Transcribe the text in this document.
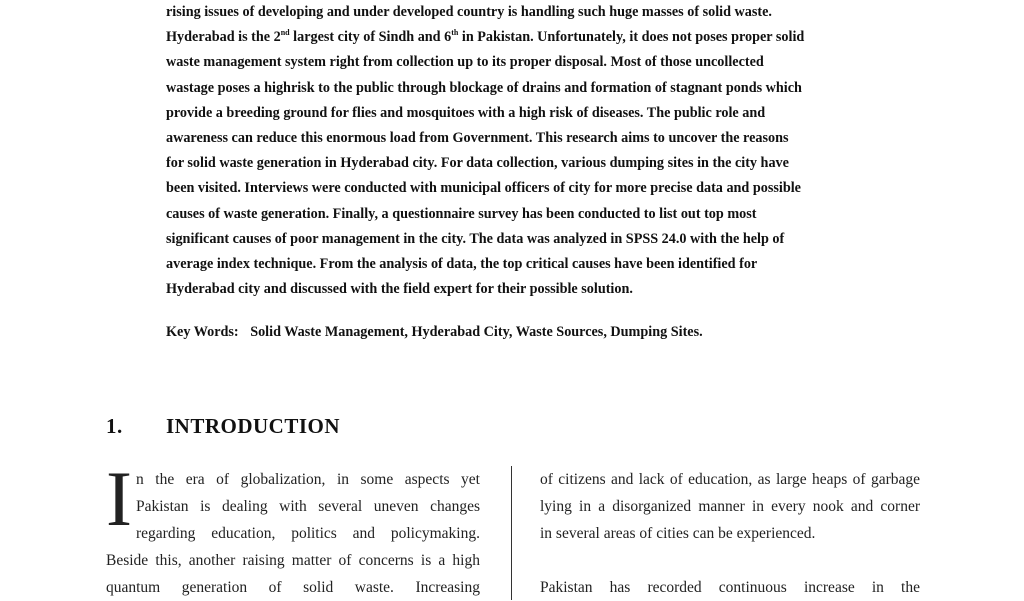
rising issues of developing and under developed country is handling such huge masses of solid waste.
Hyderabad is the 2nd largest city of Sindh and 6th in Pakistan. Unfortunately, it does not poses proper solid
waste management system right from collection up to its proper disposal. Most of those uncollected
wastage poses a highrisk to the public through blockage of drains and formation of stagnant ponds which
provide a breeding ground for flies and mosquitoes with a high risk of diseases. The public role and
awareness can reduce this enormous load from Government. This research aims to uncover the reasons
for solid waste generation in Hyderabad city. For data collection, various dumping sites in the city have
been visited. Interviews were conducted with municipal officers of city for more precise data and possible
causes of waste generation. Finally, a questionnaire survey has been conducted to list out top most
significant causes of poor management in the city. The data was analyzed in SPSS 24.0 with the help of
average index technique. From the analysis of data, the top critical causes have been identified for
Hyderabad city and discussed with the field expert for their possible solution.
Key Words: Solid Waste Management, Hyderabad City, Waste Sources, Dumping Sites.
1. INTRODUCTION
I n the era of globalization, in some aspects yet
Pakistan is dealing with several uneven changes
regarding education, politics and policymaking.
Beside this, another raising matter of concerns is a high
quantum generation of solid waste. Increasing
of citizens and lack of education, as large heaps of garbage
lying in a disorganized manner in every nook and corner
in several areas of cities can be experienced.
Pakistan has recorded continuous increase in the
